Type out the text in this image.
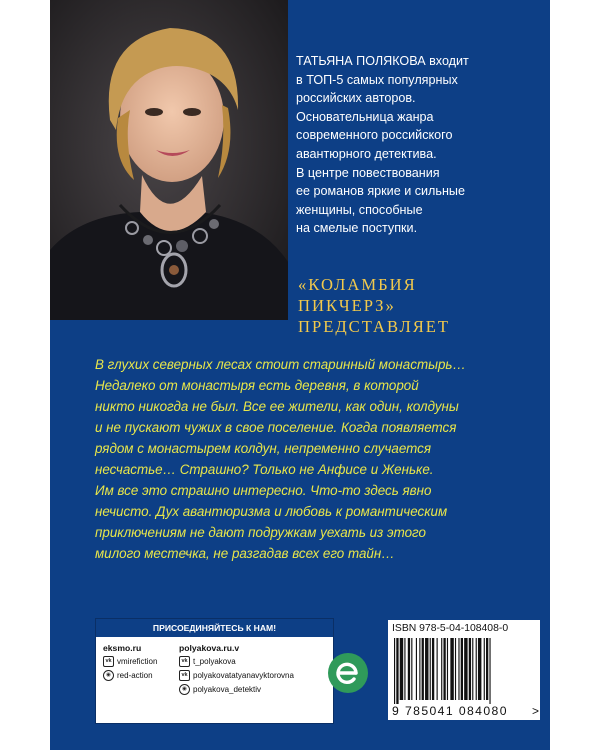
ТАТЬЯНА ПОЛЯКОВА входит
в ТОП-5 самых популярных
российских авторов.
Основательница жанра
современного российского
авантюрного детектива.
В центре повествования
ее романов яркие и сильные
женщины, способные
на смелые поступки.

«КОЛАМБИЯ
ПИКЧЕРЗ»
ПРЕДСТАВЛЯЕТ

В глухих северных лесах стоит старинный монастырь…
Недалеко от монастыря есть деревня, в которой
никто никогда не был. Все ее жители, как один, колдуны
и не пускают чужих в свое поселение. Когда появляется
рядом с монастырем колдун, непременно случается
несчастье… Страшно? Только не Анфисе и Женьке.
Им все это страшно интересно. Что-то здесь явно
нечисто. Дух авантюризма и любовь к романтическим
приключениям не дают подружкам уехать из этого
милого местечка, не разгадав всех его тайн…

ПРИСОЕДИНЯЙТЕСЬ К НАМ!
eksmo.ru
vk vmirefiction
◉ red-action
polyakova.ru.v
vk t_polyakova
vk polyakovatatyanavyktorovna
◉ polyakova_detektiv
ISBN 978-5-04-108408-0
9 785041 084080 >
